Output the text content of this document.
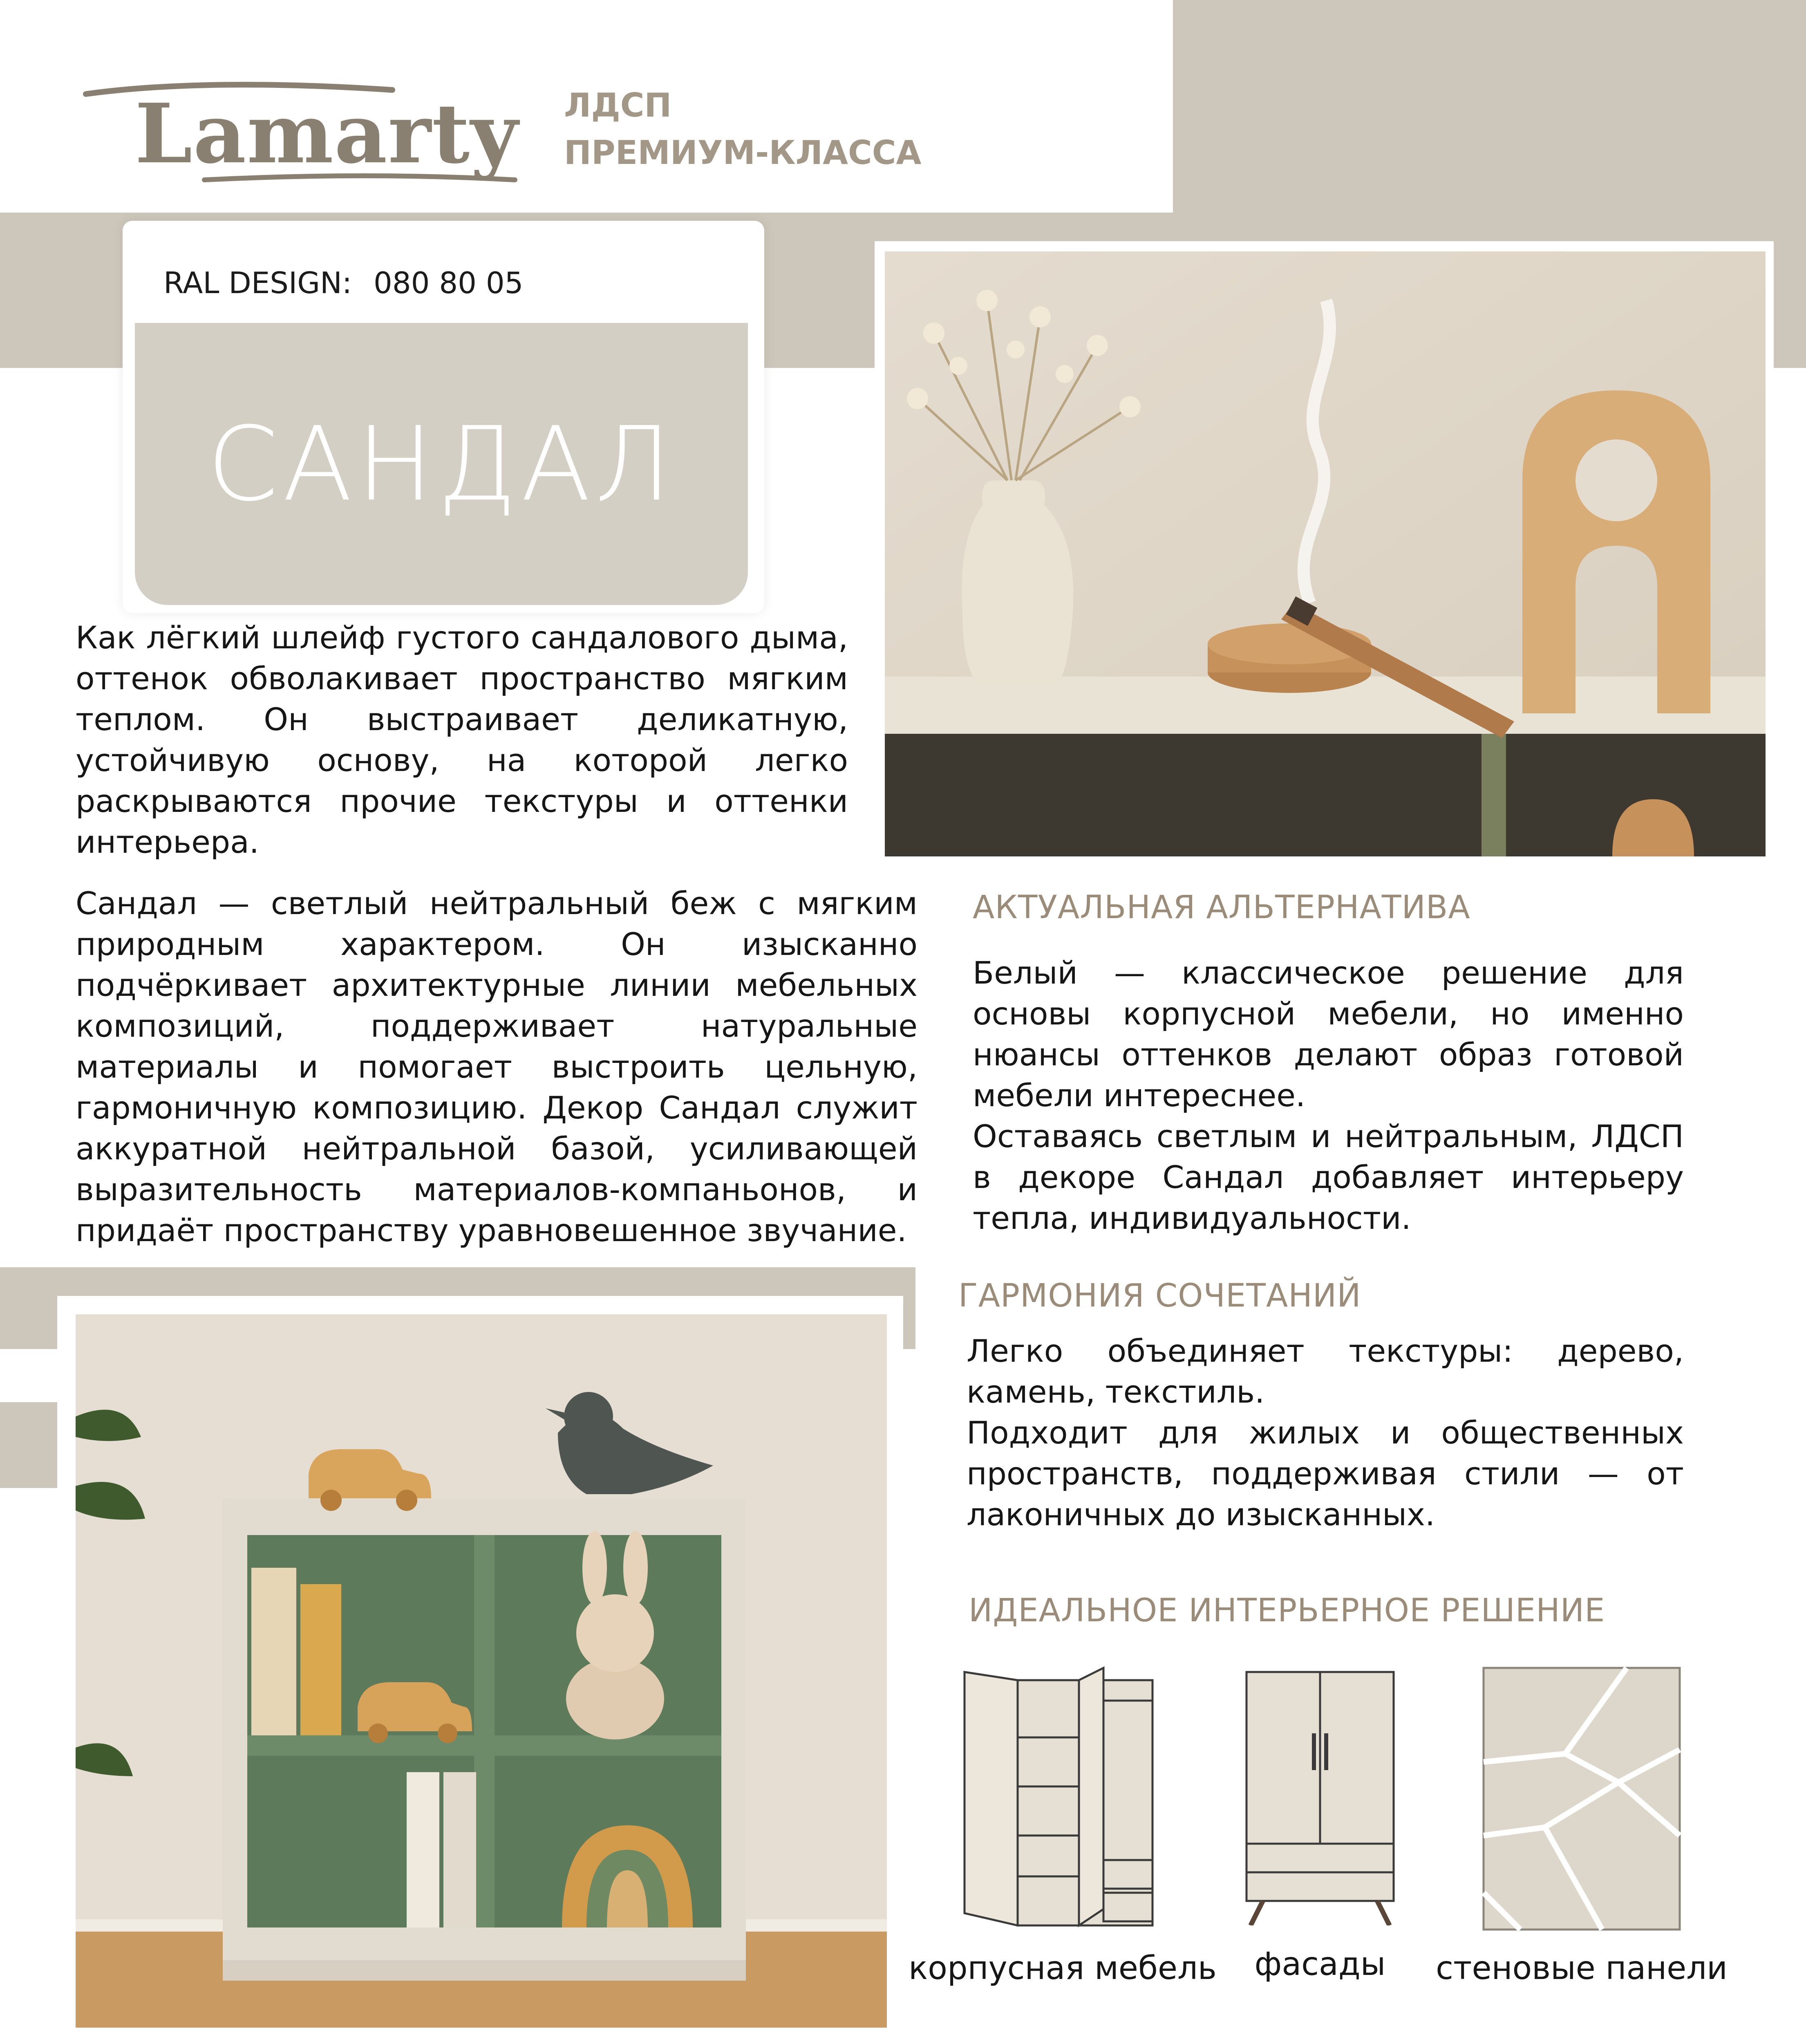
Lamarty ЛДСП
ПРЕМИУМ-КЛАССА
RAL DESIGN: 080 80 05
САНДАЛ

Как лёгкий шлейф густого сандалового дыма, оттенок обволакивает пространство мягким теплом. Он выстраивает деликатную, устойчивую основу, на которой легко раскрываются прочие текстуры и оттенки интерьера.

Сандал — светлый нейтральный беж с мягким природным характером. Он изысканно подчёркивает архитектурные линии мебельных композиций, поддерживает натуральные материалы и помогает выстроить цельную, гармоничную композицию. Декор Сандал служит аккуратной нейтральной базой, усиливающей выразительность материалов-компаньонов, и придаёт пространству уравновешенное звучание.

АКТУАЛЬНАЯ АЛЬТЕРНАТИВА

Белый — классическое решение для основы корпусной мебели, но именно нюансы оттенков делают образ готовой мебели интереснее.

Оставаясь светлым и нейтральным, ЛДСП в декоре Сандал добавляет интерьеру тепла, индивидуальности.

ГАРМОНИЯ СОЧЕТАНИЙ

Легко объединяет текстуры: дерево, камень, текстиль.

Подходит для жилых и общественных пространств, поддерживая стили — от лаконичных до изысканных.

ИДЕАЛЬНОЕ ИНТЕРЬЕРНОЕ РЕШЕНИЕ
корпусная мебель	фасады	стеновые панели
